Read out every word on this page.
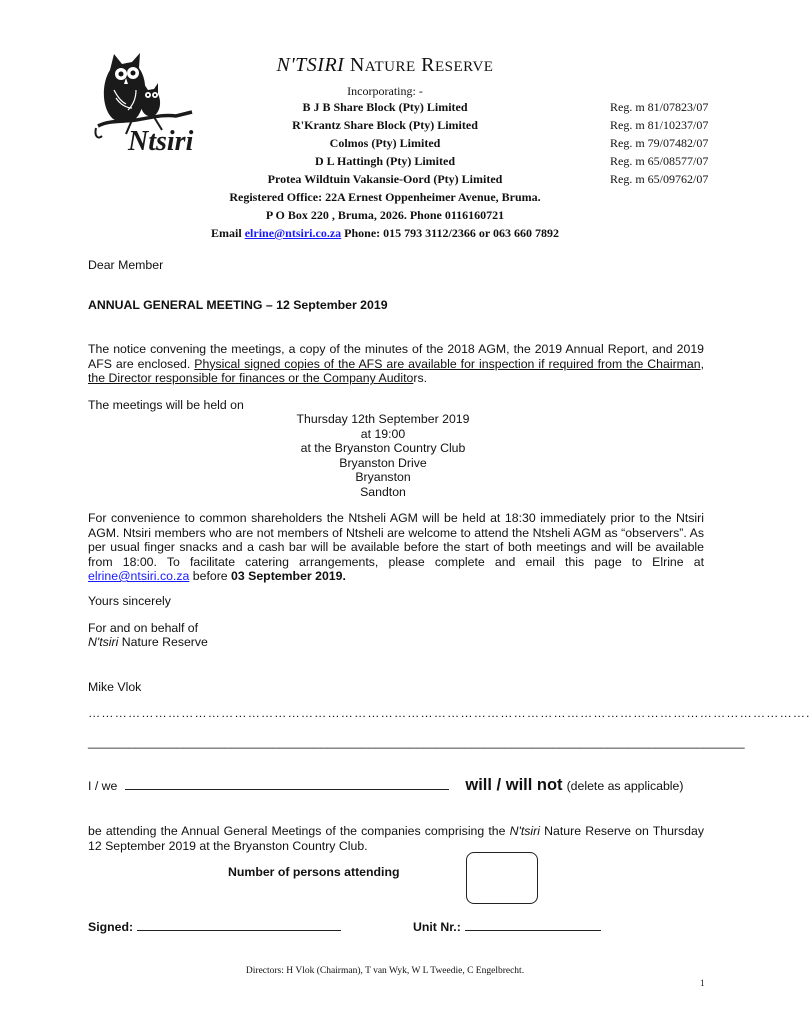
Ntsiri
N'TSIRI NATURE RESERVE
Incorporating: -
B J B Share Block (Pty) Limited	Reg. m 81/07823/07
R'Krantz Share Block (Pty) Limited	Reg. m 81/10237/07
Colmos (Pty) Limited	Reg. m 79/07482/07
D L Hattingh (Pty) Limited	Reg. m 65/08577/07
Protea Wildtuin Vakansie-Oord (Pty) Limited	Reg. m 65/09762/07
Registered Office: 22A Ernest Oppenheimer Avenue, Bruma.
P O Box 220 , Bruma, 2026. Phone 0116160721
Email elrine@ntsiri.co.za Phone: 015 793 3112/2366 or 063 660 7892
Dear Member
ANNUAL GENERAL MEETING – 12 September 2019
The notice convening the meetings, a copy of the minutes of the 2018 AGM, the 2019 Annual Report, and 2019 AFS are enclosed. Physical signed copies of the AFS are available for inspection if required from the Chairman, the Director responsible for finances or the Company Auditors.
The meetings will be held on
Thursday 12th September 2019
at 19:00
at the Bryanston Country Club
Bryanston Drive
Bryanston
Sandton
For convenience to common shareholders the Ntsheli AGM will be held at 18:30 immediately prior to the Ntsiri AGM. Ntsiri members who are not members of Ntsheli are welcome to attend the Ntsheli AGM as “observers”. As per usual finger snacks and a cash bar will be available before the start of both meetings and will be available from 18:00. To facilitate catering arrangements, please complete and email this page to Elrine at elrine@ntsiri.co.za before 03 September 2019.
Yours sincerely
For and on behalf of
N'tsiri Nature Reserve
Mike Vlok
……………………………………………………………………………………………………………………………………………….
________________________________________________________________________________________________
I / we	will / will not (delete as applicable)
be attending the Annual General Meetings of the companies comprising the N'tsiri Nature Reserve on Thursday 12 September 2019 at the Bryanston Country Club.
Number of persons attending
Signed:	Unit Nr.:
Directors: H Vlok (Chairman), T van Wyk, W L Tweedie, C Engelbrecht.
1
